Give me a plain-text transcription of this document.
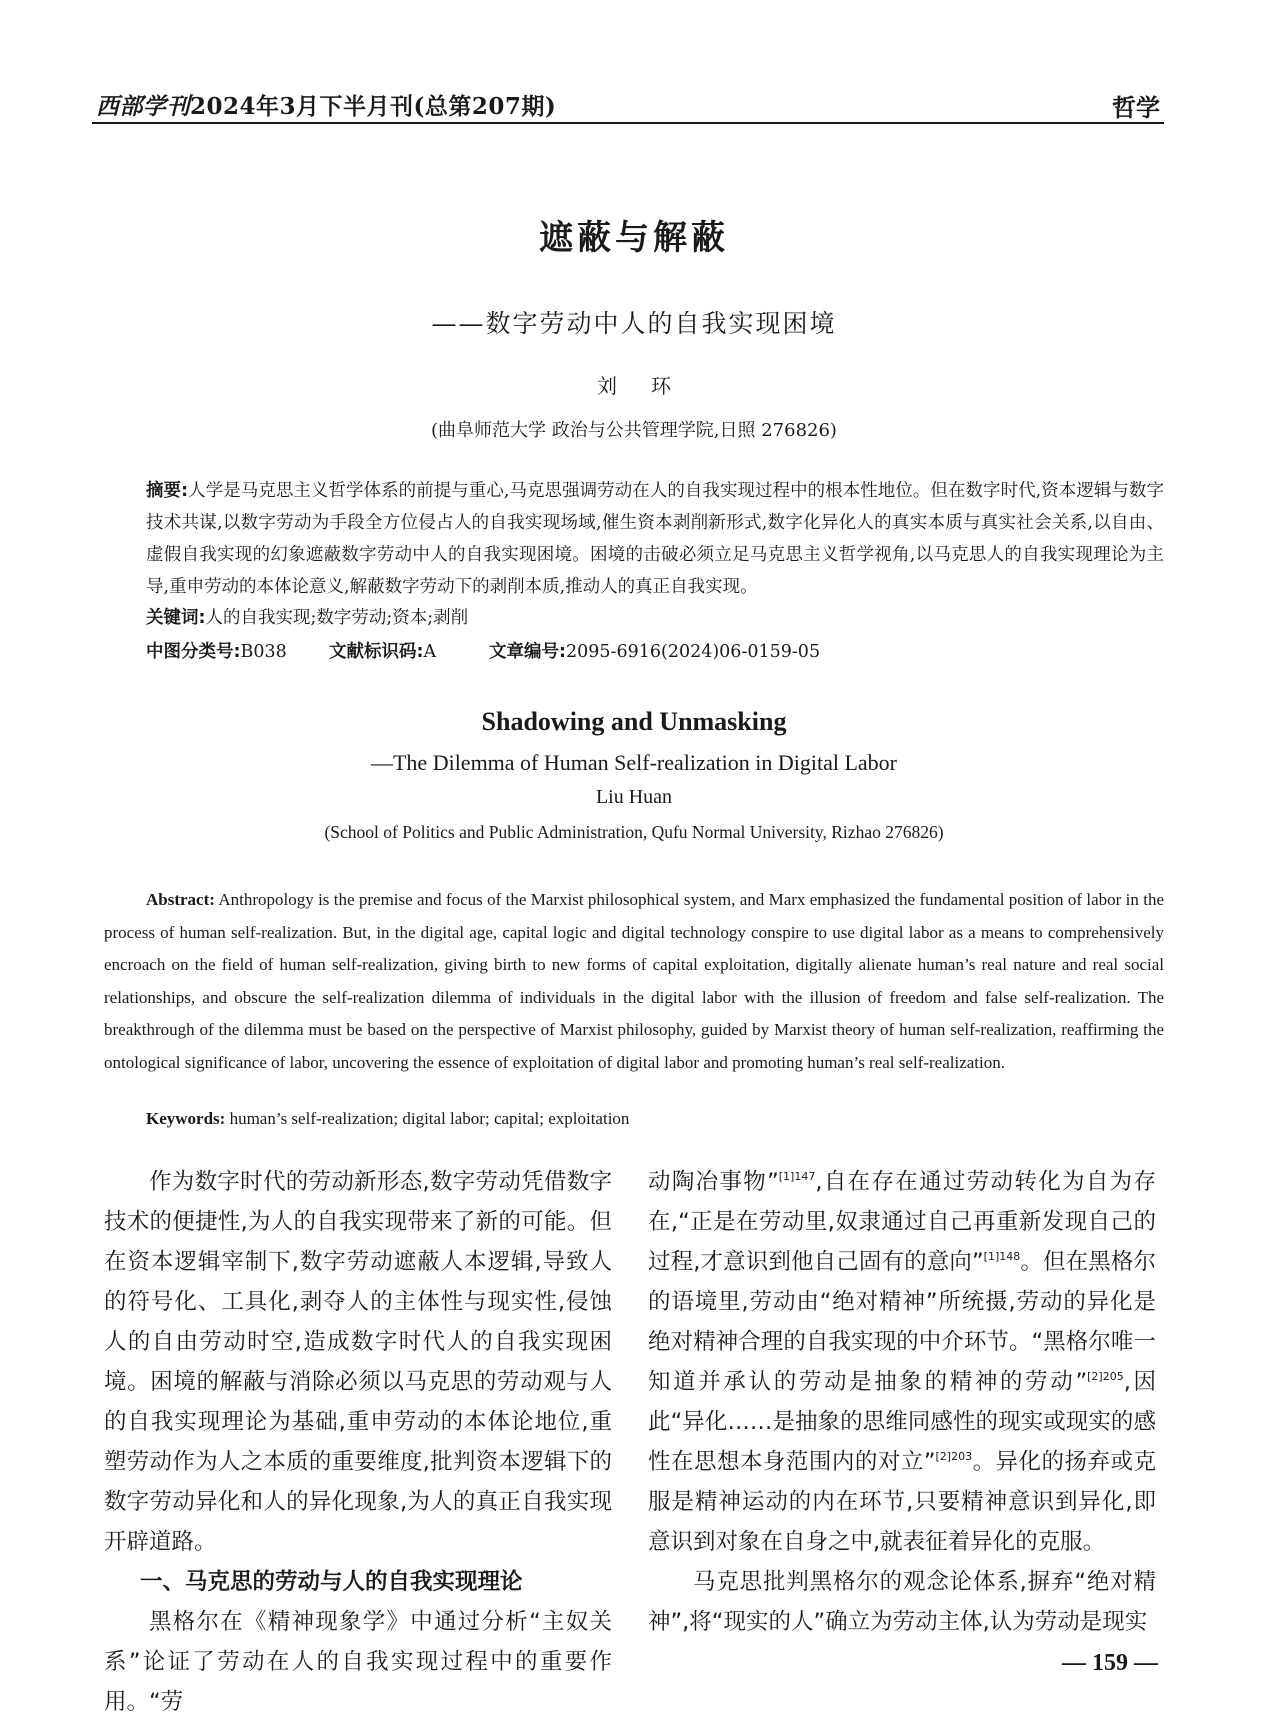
西部学刊2024年3月下半月刊(总第207期)	哲学
遮蔽与解蔽
——数字劳动中人的自我实现困境
刘环
(曲阜师范大学 政治与公共管理学院,日照 276826)
摘要:人学是马克思主义哲学体系的前提与重心,马克思强调劳动在人的自我实现过程中的根本性地位。但在数字时代,资本逻辑与数字技术共谋,以数字劳动为手段全方位侵占人的自我实现场域,催生资本剥削新形式,数字化异化人的真实本质与真实社会关系,以自由、虚假自我实现的幻象遮蔽数字劳动中人的自我实现困境。困境的击破必须立足马克思主义哲学视角,以马克思人的自我实现理论为主导,重申劳动的本体论意义,解蔽数字劳动下的剥削本质,推动人的真正自我实现。
关键词:人的自我实现;数字劳动;资本;剥削
中图分类号:B038 文献标识码:A	文章编号:2095-6916(2024)06-0159-05
Shadowing and Unmasking
—The Dilemma of Human Self-realization in Digital Labor
Liu Huan
(School of Politics and Public Administration, Qufu Normal University, Rizhao 276826)
Abstract: Anthropology is the premise and focus of the Marxist philosophical system, and Marx emphasized the fundamental position of labor in the process of human self-realization. But, in the digital age, capital logic and digital technology conspire to use digital labor as a means to comprehensively encroach on the field of human self-realization, giving birth to new forms of capital exploitation, digitally alienate human’s real nature and real social relationships, and obscure the self-realization dilemma of individuals in the digital labor with the illusion of freedom and false self-realization. The breakthrough of the dilemma must be based on the perspective of Marxist philosophy, guided by Marxist theory of human self-realization, reaffirming the ontological significance of labor, uncovering the essence of exploitation of digital labor and promoting human’s real self-realization.
Keywords: human’s self-realization; digital labor; capital; exploitation

作为数字时代的劳动新形态,数字劳动凭借数字技术的便捷性,为人的自我实现带来了新的可能。但在资本逻辑宰制下,数字劳动遮蔽人本逻辑,导致人的符号化、工具化,剥夺人的主体性与现实性,侵蚀人的自由劳动时空,造成数字时代人的自我实现困境。困境的解蔽与消除必须以马克思的劳动观与人的自我实现理论为基础,重申劳动的本体论地位,重塑劳动作为人之本质的重要维度,批判资本逻辑下的数字劳动异化和人的异化现象,为人的真正自我实现开辟道路。

一、马克思的劳动与人的自我实现理论

黑格尔在《精神现象学》中通过分析“主奴关系”论证了劳动在人的自我实现过程中的重要作用。“劳

动陶冶事物”$^{[1]147}$,自在存在通过劳动转化为自为存在,“正是在劳动里,奴隶通过自己再重新发现自己的过程,才意识到他自己固有的意向”$^{[1]148}$。但在黑格尔的语境里,劳动由“绝对精神”所统摄,劳动的异化是绝对精神合理的自我实现的中介环节。“黑格尔唯一知道并承认的劳动是抽象的精神的劳动”$^{[2]205}$,因此“异化……是抽象的思维同感性的现实或现实的感性在思想本身范围内的对立”$^{[2]203}$。异化的扬弃或克服是精神运动的内在环节,只要精神意识到异化,即意识到对象在自身之中,就表征着异化的克服。

马克思批判黑格尔的观念论体系,摒弃“绝对精神”,将“现实的人”确立为劳动主体,认为劳动是现实

— 159 —
